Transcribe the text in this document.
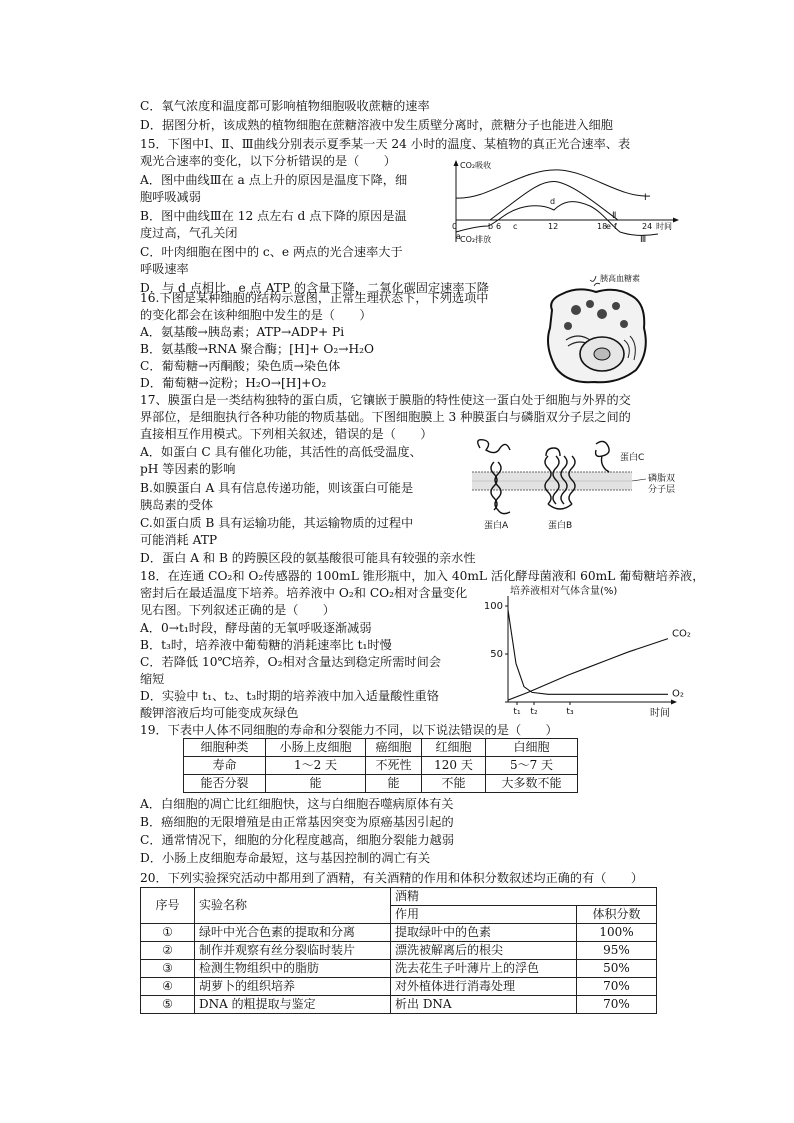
C．氧气浓度和温度都可影响植物细胞吸收蔗糖的速率
D．据图分析，该成熟的植物细胞在蔗糖溶液中发生质壁分离时，蔗糖分子也能进入细胞
15．下图中Ⅰ、Ⅱ、Ⅲ曲线分别表示夏季某一天 24 小时的温度、某植物的真正光合速率、表
观光合速率的变化，以下分析错误的是（　　）
A．图中曲线Ⅲ在 a 点上升的原因是温度下降，细
胞呼吸减弱
B．图中曲线Ⅲ在 12 点左右 d 点下降的原因是温
度过高，气孔关闭
C．叶肉细胞在图中的 c、e 两点的光合速率大于
呼吸速率
D．与 d 点相比，e 点 ATP 的含量下降，二氧化碳固定速率下降
CO₂吸收
CO₂排放
0	时间
6	12	18	24
a
b c
d
e f
Ⅰ
Ⅱ
Ⅲ
16.下图是某种细胞的结构示意图，正常生理状态下，下列选项中
的变化都会在该种细胞中发生的是（　　）
A．氨基酸→胰岛素；ATP→ADP+ Pi
B．氨基酸→RNA 聚合酶；[H]+ O₂→H₂O
C．葡萄糖→丙酮酸；染色质→染色体
D．葡萄糖→淀粉；H₂O→[H]+O₂
胰高血糖素
17、膜蛋白是一类结构独特的蛋白质，它镶嵌于膜脂的特性使这一蛋白处于细胞与外界的交
界部位，是细胞执行各种功能的物质基础。下图细胞膜上 3 种膜蛋白与磷脂双分子层之间的
直接相互作用模式。下列相关叙述，错误的是（　　）
A．如蛋白 C 具有催化功能，其活性的高低受温度、
pH 等因素的影响
B.如膜蛋白 A 具有信息传递功能，则该蛋白可能是
胰岛素的受体
C.如蛋白质 B 具有运输功能，其运输物质的过程中
可能消耗 ATP
D．蛋白 A 和 B 的跨膜区段的氨基酸很可能具有较强的亲水性
蛋白C
磷脂双
分子层
蛋白A	蛋白B
18．在连通 CO₂和 O₂传感器的 100mL 锥形瓶中，加入 40mL 活化酵母菌液和 60mL 葡萄糖培养液，
密封后在最适温度下培养。培养液中 O₂和 CO₂相对含量变化
见右图。下列叙述正确的是（　　）
A．0→t₁时段，酵母菌的无氧呼吸逐渐减弱
B．t₃时，培养液中葡萄糖的消耗速率比 t₁时慢
C．若降低 10℃培养，O₂相对含量达到稳定所需时间会
缩短
D．实验中 t₁、t₂、t₃时期的培养液中加入适量酸性重铬
酸钾溶液后均可能变成灰绿色
培养液相对气体含量(%)
时间
50
100
t₁ t₂	t₃
CO₂
O₂
19．下表中人体不同细胞的寿命和分裂能力不同，以下说法错误的是（　　）
细胞种类	小肠上皮细胞	癌细胞	红细胞	白细胞
寿命	1～2 天	不死性	120 天	5～7 天
能否分裂	能	能	不能	大多数不能
A．白细胞的凋亡比红细胞快，这与白细胞吞噬病原体有关
B．癌细胞的无限增殖是由正常基因突变为原癌基因引起的
C．通常情况下，细胞的分化程度越高，细胞分裂能力越弱
D．小肠上皮细胞寿命最短，这与基因控制的凋亡有关
20．下列实验探究活动中都用到了酒精，有关酒精的作用和体积分数叙述均正确的有（　　）
序号	实验名称	酒精	
		作用	体积分数
①	绿叶中光合色素的提取和分离	提取绿叶中的色素	100%
②	制作并观察有丝分裂临时装片	漂洗被解离后的根尖	95%
③	检测生物组织中的脂肪	洗去花生子叶薄片上的浮色	50%
④	胡萝卜的组织培养	对外植体进行消毒处理	70%
⑤	DNA 的粗提取与鉴定	析出 DNA	70%
